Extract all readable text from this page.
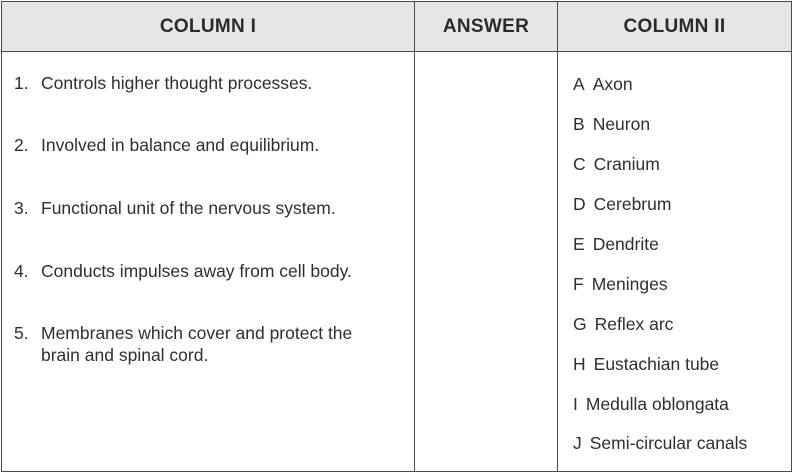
COLUMN I	ANSWER	COLUMN II
1. Controls higher thought processes.
2. Involved in balance and equilibrium.
3. Functional unit of the nervous system.
4. Conducts impulses away from cell body.
5. Membranes which cover and protect the
brain and spinal cord.
A Axon
B Neuron
C Cranium
D Cerebrum
E Dendrite
F Meninges
G Reflex arc
H Eustachian tube
I Medulla oblongata
J Semi-circular canals
